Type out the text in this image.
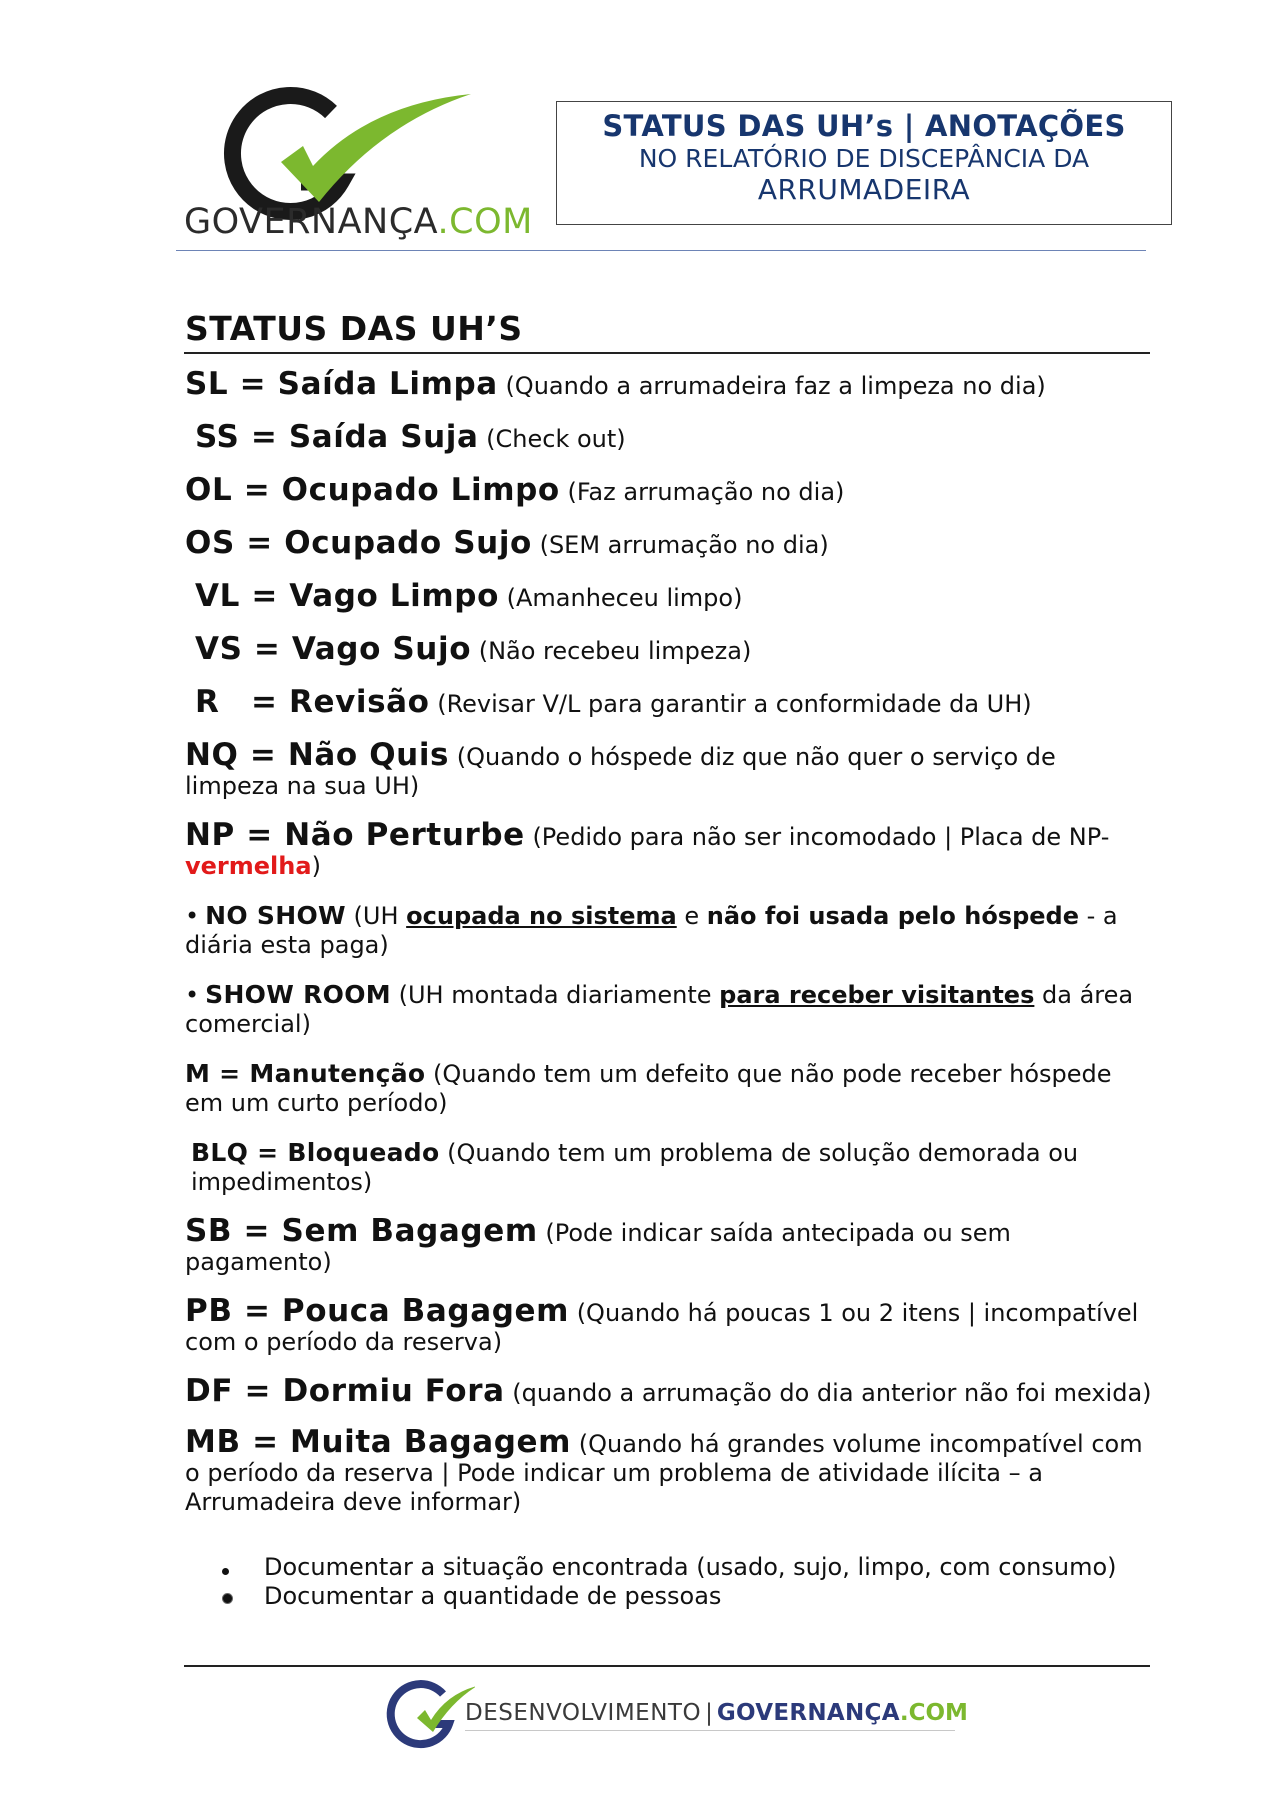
GOVERNANÇA.COM
STATUS DAS UH’s | ANOTAÇÕES
NO RELATÓRIO DE DISCEPÂNCIA DA
ARRUMADEIRA
STATUS DAS UH’S
SL = Saída Limpa (Quando a arrumadeira faz a limpeza no dia)
SS = Saída Suja (Check out)
OL = Ocupado Limpo (Faz arrumação no dia)
OS = Ocupado Sujo (SEM arrumação no dia)
VL = Vago Limpo (Amanheceu limpo)
VS = Vago Sujo (Não recebeu limpeza)
R = Revisão (Revisar V/L para garantir a conformidade da UH)
NQ = Não Quis (Quando o hóspede diz que não quer o serviço de limpeza na sua UH)
NP = Não Perturbe (Pedido para não ser incomodado | Placa de NP-vermelha)
• NO SHOW (UH ocupada no sistema e não foi usada pelo hóspede - a diária esta paga)
• SHOW ROOM (UH montada diariamente para receber visitantes da área comercial)
M = Manutenção (Quando tem um defeito que não pode receber hóspede em um curto período)
BLQ = Bloqueado (Quando tem um problema de solução demorada ou impedimentos)
SB = Sem Bagagem (Pode indicar saída antecipada ou sem pagamento)
PB = Pouca Bagagem (Quando há poucas 1 ou 2 itens | incompatível com o período da reserva)
DF = Dormiu Fora (quando a arrumação do dia anterior não foi mexida)
MB = Muita Bagagem (Quando há grandes volume incompatível com o período da reserva | Pode indicar um problema de atividade ilícita – a Arrumadeira deve informar)
Documentar a situação encontrada (usado, sujo, limpo, com consumo)
Documentar a quantidade de pessoas
DESENVOLVIMENTO | GOVERNANÇA.COM
